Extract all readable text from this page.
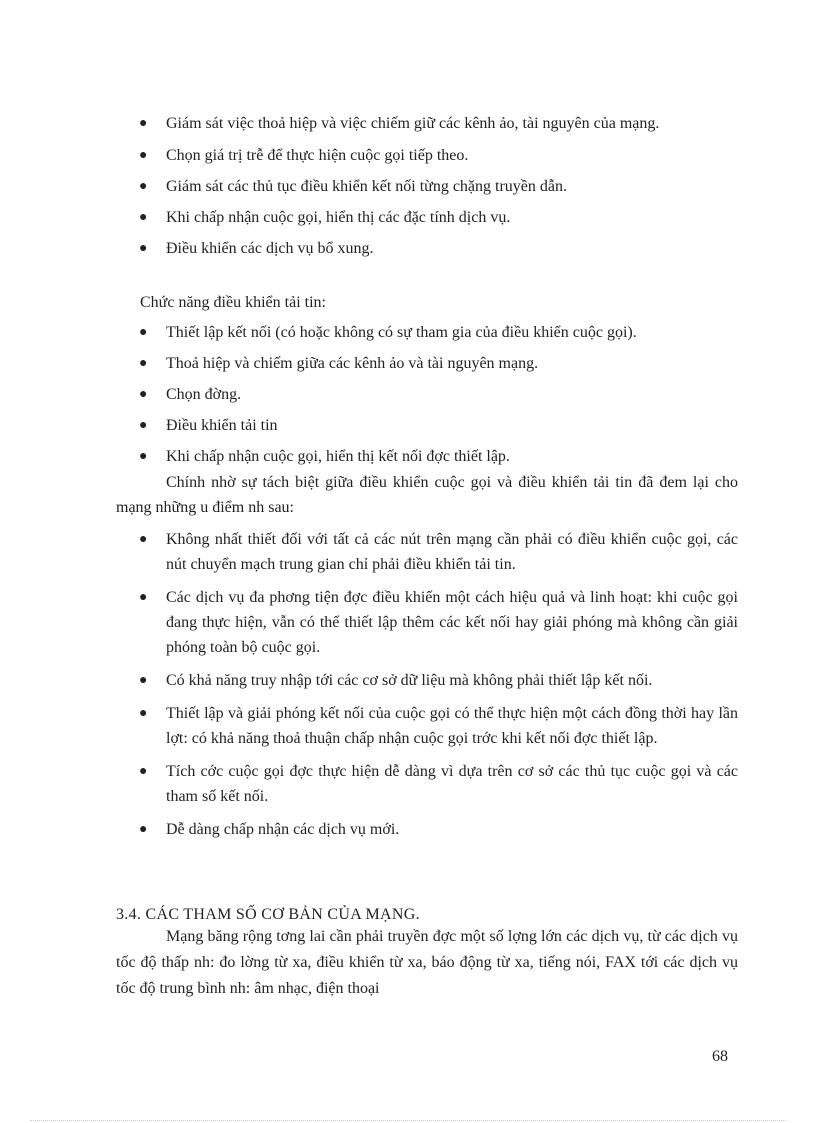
● Giám sát việc thoả hiệp và việc chiếm giữ các kênh ảo, tài nguyên của mạng.
● Chọn giá trị trễ để thực hiện cuộc gọi tiếp theo.
● Giám sát các thủ tục điều khiển kết nối từng chặng truyền dẫn.
● Khi chấp nhận cuộc gọi, hiển thị các đặc tính dịch vụ.
● Điều khiển các dịch vụ bổ xung.

Chức năng điều khiển tải tin:

● Thiết lập kết nối (có hoặc không có sự tham gia của điều khiển cuộc gọi).
● Thoả hiệp và chiếm giữa các kênh ảo và tài nguyên mạng.
● Chọn đờng.
● Điều khiển tải tin
● Khi chấp nhận cuộc gọi, hiển thị kết nối đợc thiết lập.

Chính nhờ sự tách biệt giữa điều khiển cuộc gọi và điều khiển tải tin đã đem lại cho mạng những u điểm nh sau:

● Không nhất thiết đối với tất cả các nút trên mạng cần phải có điều khiển cuộc gọi, các nút chuyển mạch trung gian chỉ phải điều khiển tải tin.
● Các dịch vụ đa phơng tiện đợc điều khiển một cách hiệu quả và linh hoạt: khi cuộc gọi đang thực hiện, vẫn có thể thiết lập thêm các kết nối hay giải phóng mà không cần giải phóng toàn bộ cuộc gọi.
● Có khả năng truy nhập tới các cơ sở dữ liệu mà không phải thiết lập kết nối.
● Thiết lập và giải phóng kết nối của cuộc gọi có thể thực hiện một cách đồng thời hay lần lợt: có khả năng thoả thuận chấp nhận cuộc gọi trớc khi kết nối đợc thiết lập.
● Tích cớc cuộc gọi đợc thực hiện dễ dàng vì dựa trên cơ sở các thủ tục cuộc gọi và các tham số kết nối.
● Dễ dàng chấp nhận các dịch vụ mới.

3.4. CÁC THAM SỐ CƠ BẢN CỦA MẠNG.

Mạng băng rộng tơng lai cần phải truyền đợc một số lợng lớn các dịch vụ, từ các dịch vụ tốc độ thấp nh: đo lờng từ xa, điều khiển từ xa, báo động từ xa, tiếng nói, FAX tới các dịch vụ tốc độ trung bình nh: âm nhạc, điện thoại

68
